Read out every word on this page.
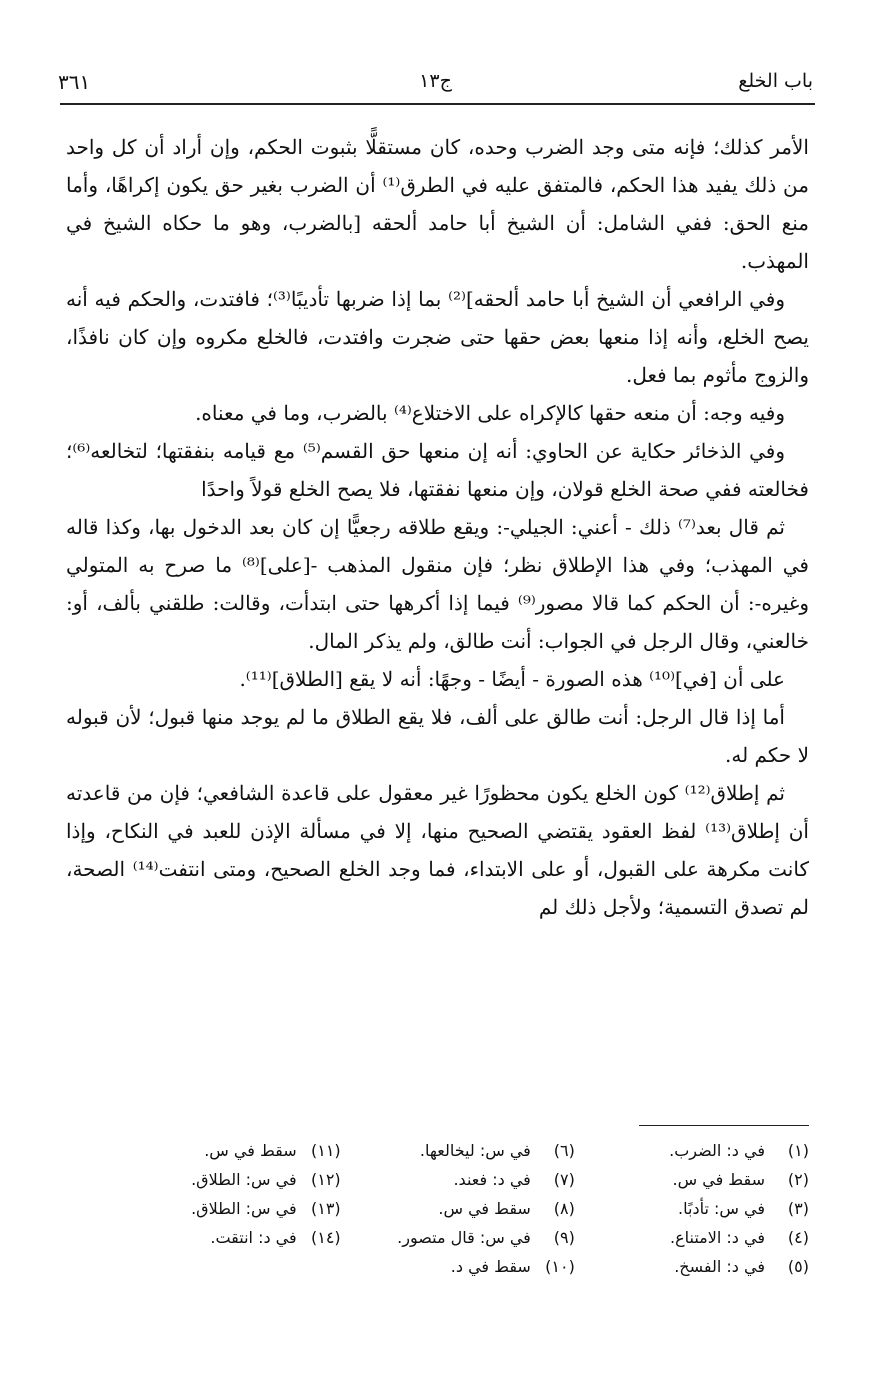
باب الخلع
ج١٣
٣٦١

الأمر كذلك؛ فإنه متى وجد الضرب وحده، كان مستقلًّا بثبوت الحكم، وإن أراد أن كل واحد من ذلك يفيد هذا الحكم، فالمتفق عليه في الطرق⁽¹⁾ أن الضرب بغير حق يكون إكراهًا، وأما منع الحق: ففي الشامل: أن الشيخ أبا حامد ألحقه [بالضرب، وهو ما حكاه الشيخ في المهذب.

وفي الرافعي أن الشيخ أبا حامد ألحقه]⁽²⁾ بما إذا ضربها تأديبًا⁽³⁾؛ فافتدت، والحكم فيه أنه يصح الخلع، وأنه إذا منعها بعض حقها حتى ضجرت وافتدت، فالخلع مكروه وإن كان نافذًا، والزوج مأثوم بما فعل.

وفيه وجه: أن منعه حقها كالإكراه على الاختلاع⁽⁴⁾ بالضرب، وما في معناه.

وفي الذخائر حكاية عن الحاوي: أنه إن منعها حق القسم⁽⁵⁾ مع قيامه بنفقتها؛ لتخالعه⁽⁶⁾؛ فخالعته ففي صحة الخلع قولان، وإن منعها نفقتها، فلا يصح الخلع قولاً واحدًا

ثم قال بعد⁽⁷⁾ ذلك - أعني: الجيلي-: ويقع طلاقه رجعيًّا إن كان بعد الدخول بها، وكذا قاله في المهذب؛ وفي هذا الإطلاق نظر؛ فإن منقول المذهب -[على]⁽⁸⁾ ما صرح به المتولي وغيره-: أن الحكم كما قالا مصور⁽⁹⁾ فيما إذا أكرهها حتى ابتدأت، وقالت: طلقني بألف، أو: خالعني، وقال الرجل في الجواب: أنت طالق، ولم يذكر المال.

على أن [في]⁽¹⁰⁾ هذه الصورة - أيضًا - وجهًا: أنه لا يقع [الطلاق]⁽¹¹⁾.

أما إذا قال الرجل: أنت طالق على ألف، فلا يقع الطلاق ما لم يوجد منها قبول؛ لأن قبوله لا حكم له.

ثم إطلاق⁽¹²⁾ كون الخلع يكون محظورًا غير معقول على قاعدة الشافعي؛ فإن من قاعدته أن إطلاق⁽¹³⁾ لفظ العقود يقتضي الصحيح منها، إلا في مسألة الإذن للعبد في النكاح، وإذا كانت مكرهة على القبول، أو على الابتداء، فما وجد الخلع الصحيح، ومتى انتفت⁽¹⁴⁾ الصحة، لم تصدق التسمية؛ ولأجل ذلك لم

(١)في د: الضرب.
(٢)سقط في س.
(٣)في س: تأدبًا.
(٤)في د: الامتناع.
(٥)في د: الفسخ.
(٦)في س: ليخالعها.
(٧)في د: فعند.
(٨)سقط في س.
(٩)في س: قال متصور.
(١٠)سقط في د.
(١١)سقط في س.
(١٢)في س: الطلاق.
(١٣)في س: الطلاق.
(١٤)في د: انتقت.
